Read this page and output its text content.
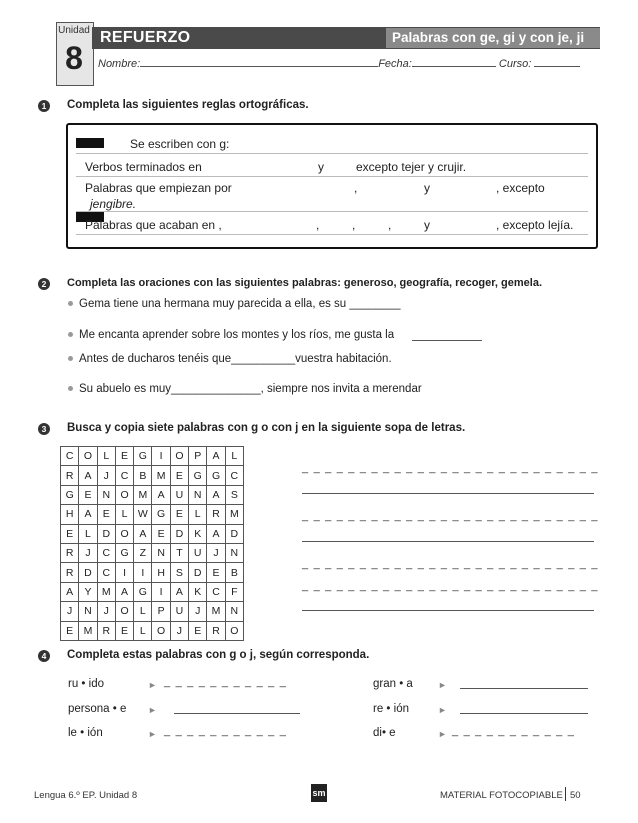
Unidad
8
REFUERZO	Palabras con ge, gi y con je, ji
Nombre:	Fecha:	Curso:
1	Completa las siguientes reglas ortográficas.
Se escriben con g:
Verbos terminados en	y	excepto tejer y crujir.
Palabras que empiezan por	,	y	, excepto
jengibre.
Palabras que acaban en ,	,	,	,	y	, excepto lejía.
2	Completa las oraciones con las siguientes palabras: generoso, geografía, recoger, gemela.
Gema tiene una hermana muy parecida a ella, es su ________
Me encanta aprender sobre los montes y los ríos, me gusta la
Antes de ducharos tenéis que__________vuestra habitación.
Su abuelo es muy______________, siempre nos invita a merendar
3	Busca y copia siete palabras con g o con j en la siguiente sopa de letras.
C	O	L	E	G	I	O	P	A	L
R	A	J	C	B	M	E	G	G	C
G	E	N	O	M	A	U	N	A	S
H	A	E	L	W	G	E	L	R	M
E	L	D	O	A	E	D	K	A	D
R	J	C	G	Z	N	T	U	J	N
R	D	C	I	I	H	S	D	E	B
A	Y	M	A	G	I	A	K	C	F
J	N	J	O	L	P	U	J	M	N
E	M	R	E	L	O	J	E	R	O
_ _ _ _ _ _ _ _ _ _ _ _ _ _ _ _ _ _ _ _ _ _ _ _ _ _
_ _ _ _ _ _ _ _ _ _ _ _ _ _ _ _ _ _ _ _ _ _ _ _ _ _
_ _ _ _ _ _ _ _ _ _ _ _ _ _ _ _ _ _ _ _ _ _ _ _ _ _
_ _ _ _ _ _ _ _ _ _ _ _ _ _ _ _ _ _ _ _ _ _ _ _ _ _
4	Completa estas palabras con g o j, según corresponda.
ru • ido	► _ _ _ _ _ _ _ _ _ _ _
persona • e ►
le • ión	► _ _ _ _ _ _ _ _ _ _ _
gran • a	►
re • ión	►
di• e	► _ _ _ _ _ _ _ _ _ _ _
Lengua 6.º EP. Unidad 8	sm	MATERIAL FOTOCOPIABLE 50
